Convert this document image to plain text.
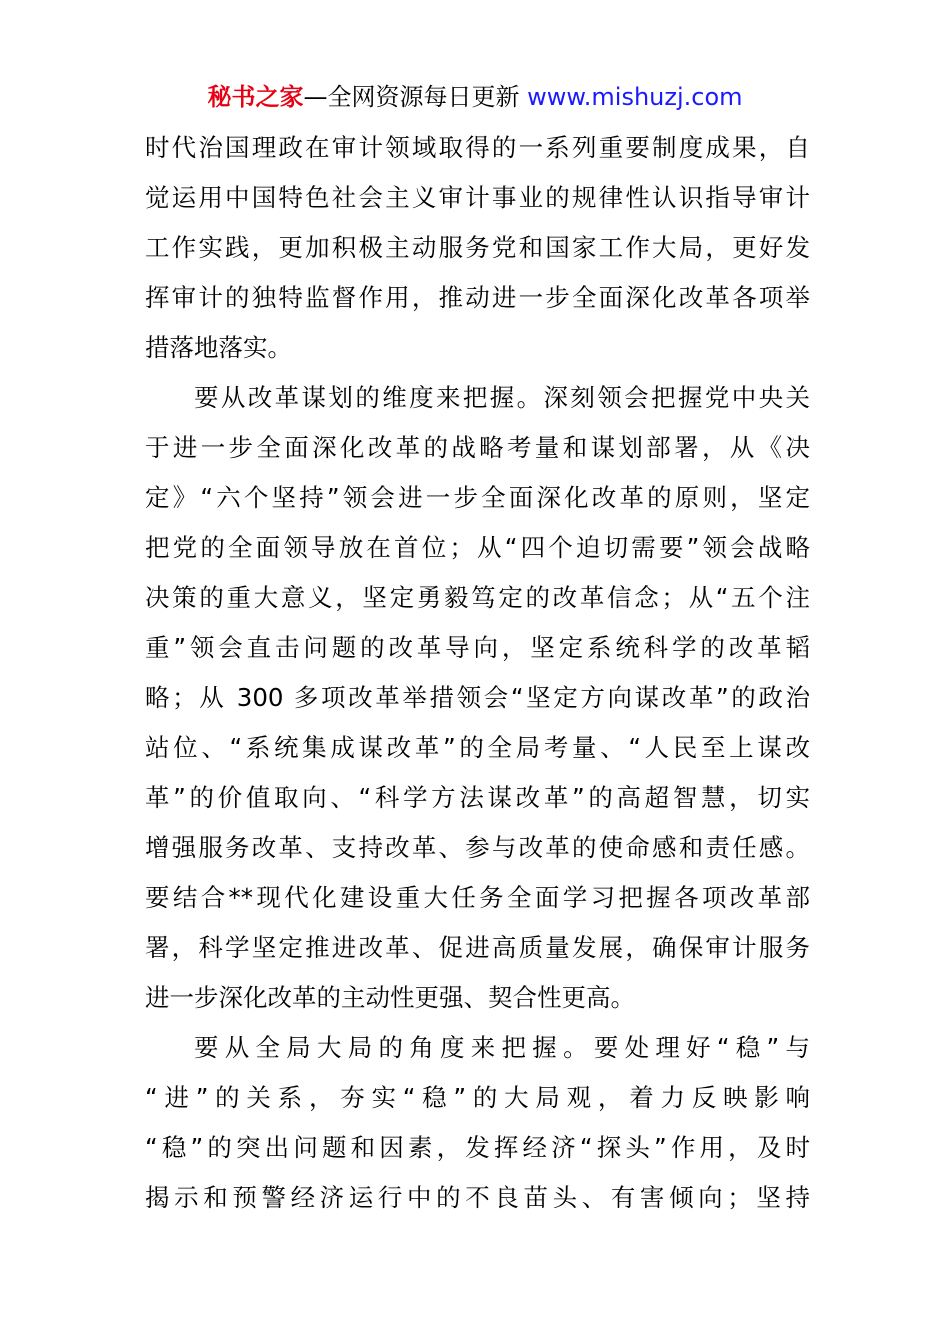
秘书之家—全网资源每日更新 www.mishuzj.com
时代治国理政在审计领域取得的一系列重要制度成果，自
觉运用中国特色社会主义审计事业的规律性认识指导审计
工作实践，更加积极主动服务党和国家工作大局，更好发
挥审计的独特监督作用，推动进一步全面深化改革各项举
措落地落实。
要从改革谋划的维度来把握。深刻领会把握党中央关
于进一步全面深化改革的战略考量和谋划部署，从《决
定》“六个坚持”领会进一步全面深化改革的原则，坚定
把党的全面领导放在首位；从“四个迫切需要”领会战略
决策的重大意义，坚定勇毅笃定的改革信念；从“五个注
重”领会直击问题的改革导向，坚定系统科学的改革韬
略；从 300 多项改革举措领会“坚定方向谋改革”的政治
站位、“系统集成谋改革”的全局考量、“人民至上谋改
革”的价值取向、“科学方法谋改革”的高超智慧，切实
增强服务改革、支持改革、参与改革的使命感和责任感。
要结合**现代化建设重大任务全面学习把握各项改革部
署，科学坚定推进改革、促进高质量发展，确保审计服务
进一步深化改革的主动性更强、契合性更高。
要从全局大局的角度来把握。要处理好“稳”与
“进”的关系，夯实“稳”的大局观，着力反映影响
“稳”的突出问题和因素，发挥经济“探头”作用，及时
揭示和预警经济运行中的不良苗头、有害倾向；坚持
